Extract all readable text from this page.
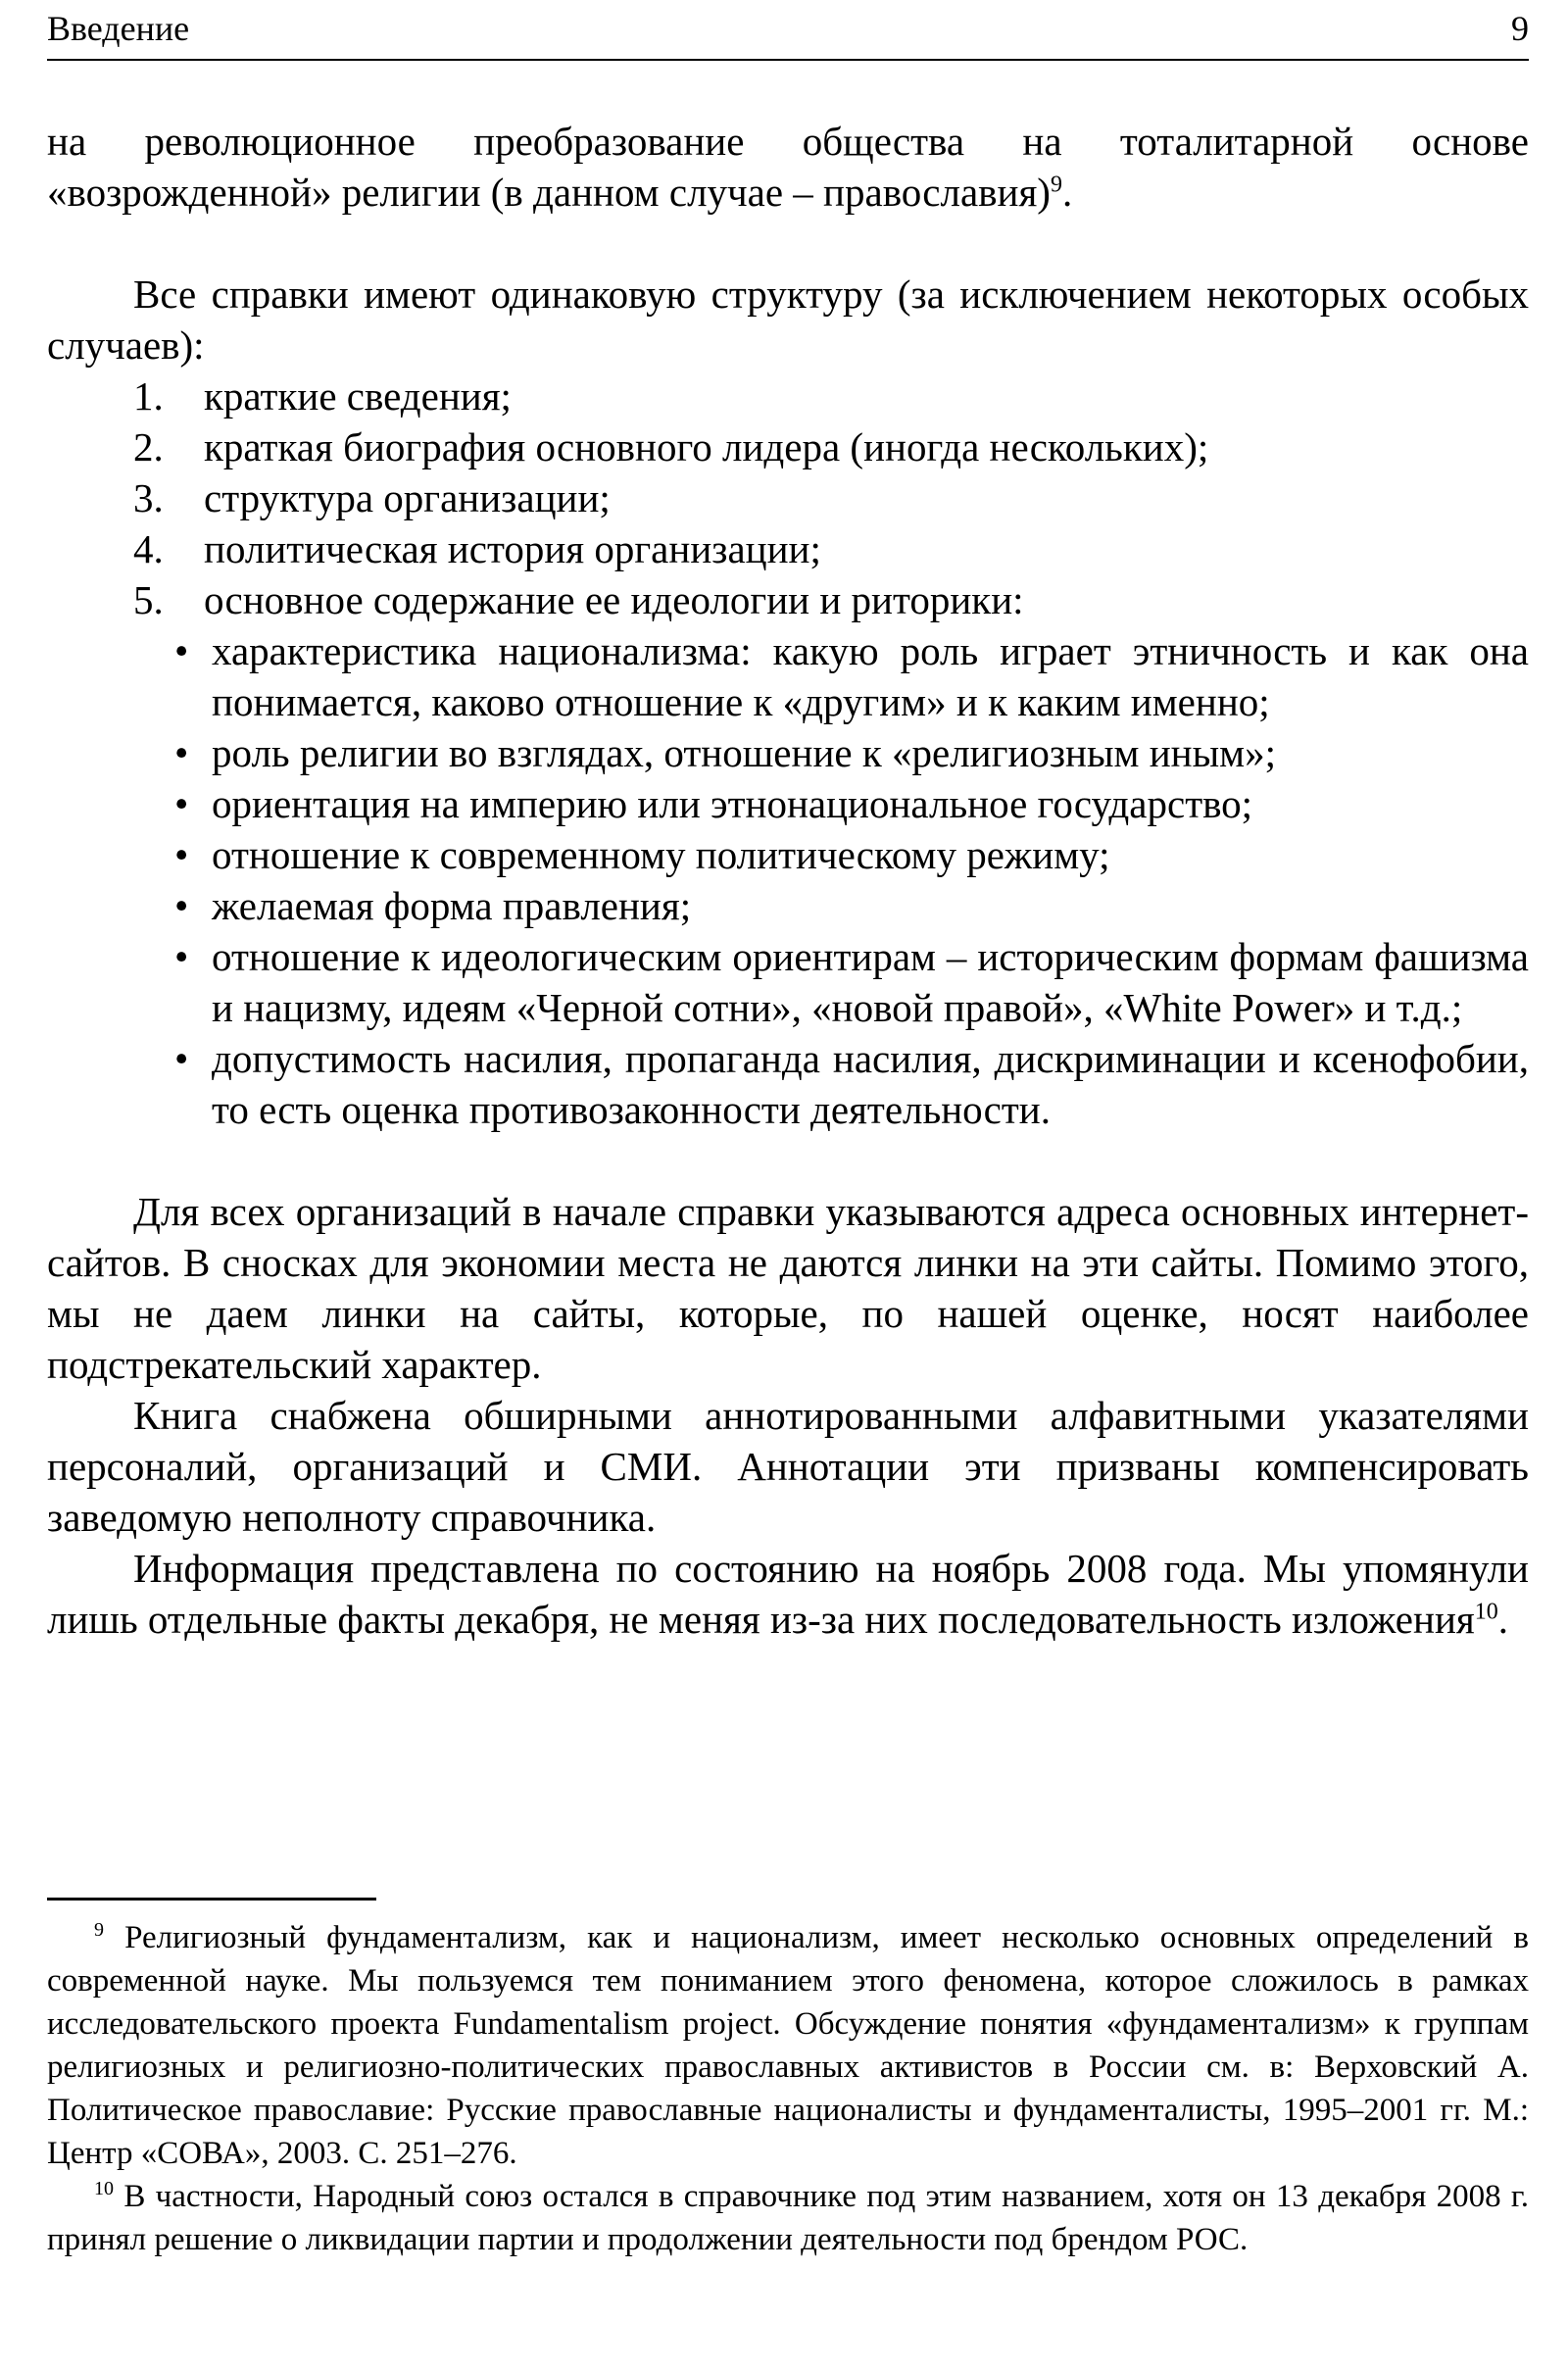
Введение	9

на революционное преобразование общества на тоталитарной основе «возрожденной» религии (в данном случае – православия)$^9$.

Все справки имеют одинаковую структуру (за исключением некоторых особых случаев):

1. краткие сведения;
2. краткая биография основного лидера (иногда нескольких);
3. структура организации;
4. политическая история организации;
5. основное содержание ее идеологии и риторики:
• характеристика национализма: какую роль играет этничность и как она понимается, каково отношение к «другим» и к каким именно;
• роль религии во взглядах, отношение к «религиозным иным»;
• ориентация на империю или этнонациональное государство;
• отношение к современному политическому режиму;
• желаемая форма правления;
• отношение к идеологическим ориентирам – историческим формам фашизма и нацизму, идеям «Черной сотни», «новой правой», «White Power» и т.д.;
• допустимость насилия, пропаганда насилия, дискриминации и ксенофобии, то есть оценка противозаконности деятельности.

Для всех организаций в начале справки указываются адреса основных интернет-сайтов. В сносках для экономии места не даются линки на эти сайты. Помимо этого, мы не даем линки на сайты, которые, по нашей оценке, носят наиболее подстрекательский характер.

Книга снабжена обширными аннотированными алфавитными указателями персоналий, организаций и СМИ. Аннотации эти призваны компенсировать заведомую неполноту справочника.

Информация представлена по состоянию на ноябрь 2008 года. Мы упомянули лишь отдельные факты декабря, не меняя из-за них последовательность изложения$^{10}$.

$^9$ Религиозный фундаментализм, как и национализм, имеет несколько основных определений в современной науке. Мы пользуемся тем пониманием этого феномена, которое сложилось в рамках исследовательского проекта Fundamentalism project. Обсуждение понятия «фундаментализм» к группам религиозных и религиозно-политических православных активистов в России см. в: Верховский А. Политическое православие: Русские православные националисты и фундаменталисты, 1995–2001 гг. М.: Центр «СОВА», 2003. С. 251–276.

$^{10}$ В частности, Народный союз остался в справочнике под этим названием, хотя он 13 декабря 2008 г. принял решение о ликвидации партии и продолжении деятельности под брендом РОС.
